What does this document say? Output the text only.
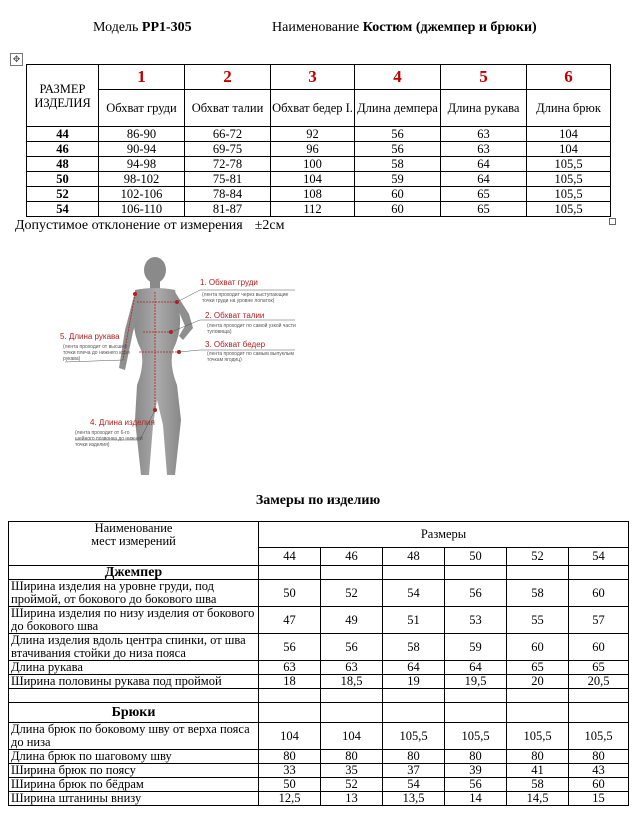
Модель PP1-305	Наименование Костюм (джемпер и брюки)
✥
РАЗМЕР ИЗДЕЛИЯ	1	2	3	4	5	6
	Обхват груди	Обхват талии	Обхват бедер I.	Длина демпера	Длина рукава	Длина брюк
44	86-90	66-72	92	56	63	104
46	90-94	69-75	96	56	63	104
48	94-98	72-78	100	58	64	105,5
50	98-102	75-81	104	59	64	105,5
52	102-106	78-84	108	60	65	105,5
54	106-110	81-87	112	60	65	105,5
Допустимое отклонение от измерения ±2см
1. Обхват груди
(лента проходит через выступающие точки груди на уровне лопаток)
2. Обхват талии
(лента проходит по самой узкой части туловища)
3. Обхват бедер
(лента проходит по самым выпуклым точкам ягодиц)
5. Длина рукава
(лента проходит от высшей точки плеча до нижнего края рукава)
4. Длина изделия
(лента проходит от 6-го шейного позвонка до нижней точки изделия)
Замеры по изделию
Наименование мест измерений	Размеры					
	44	46	48	50	52	54
Джемпер						
Ширина изделия на уровне груди, под проймой, от бокового до бокового шва	50	52	54	56	58	60
Ширина изделия по низу изделия от бокового до бокового шва	47	49	51	53	55	57
Длина изделия вдоль центра спинки, от шва втачивания стойки до низа пояса	56	56	58	59	60	60
Длина рукава	63	63	64	64	65	65
Ширина половины рукава под проймой	18	18,5	19	19,5	20	20,5

Брюки						
Длина брюк по боковому шву от верха пояса до низа	104	104	105,5	105,5	105,5	105,5
Длина брюк по шаговому шву	80	80	80	80	80	80
Ширина брюк по поясу	33	35	37	39	41	43
Ширина брюк по бёдрам	50	52	54	56	58	60
Ширина штанины внизу	12,5	13	13,5	14	14,5	15
